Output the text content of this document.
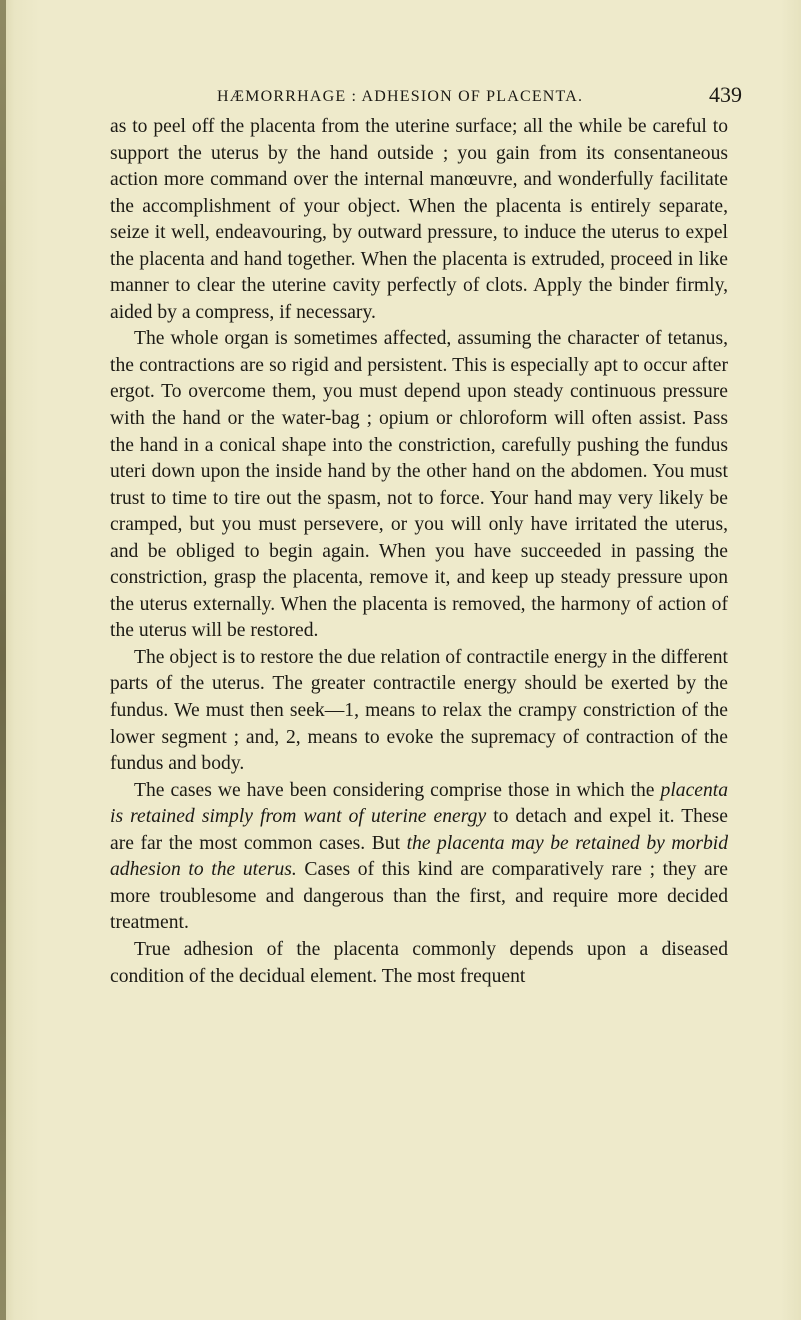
HÆMORRHAGE : ADHESION OF PLACENTA.	439

as to peel off the placenta from the uterine surface; all the while be careful to support the uterus by the hand outside ; you gain from its consentaneous action more command over the internal manœuvre, and wonderfully facilitate the accomplishment of your object. When the placenta is entirely separate, seize it well, endeavouring, by outward pressure, to induce the uterus to expel the placenta and hand together. When the placenta is extruded, proceed in like manner to clear the uterine cavity perfectly of clots. Apply the binder firmly, aided by a compress, if necessary.

The whole organ is sometimes affected, assuming the character of tetanus, the contractions are so rigid and persistent. This is especially apt to occur after ergot. To overcome them, you must depend upon steady continuous pressure with the hand or the water-bag ; opium or chloroform will often assist. Pass the hand in a conical shape into the constriction, carefully pushing the fundus uteri down upon the inside hand by the other hand on the abdomen. You must trust to time to tire out the spasm, not to force. Your hand may very likely be cramped, but you must persevere, or you will only have irritated the uterus, and be obliged to begin again. When you have succeeded in passing the constriction, grasp the placenta, remove it, and keep up steady pressure upon the uterus externally. When the placenta is removed, the harmony of action of the uterus will be restored.

The object is to restore the due relation of contractile energy in the different parts of the uterus. The greater contractile energy should be exerted by the fundus. We must then seek—1, means to relax the crampy constriction of the lower segment ; and, 2, means to evoke the supremacy of contraction of the fundus and body.

The cases we have been considering comprise those in which the placenta is retained simply from want of uterine energy to detach and expel it. These are far the most common cases. But the placenta may be retained by morbid adhesion to the uterus. Cases of this kind are comparatively rare ; they are more troublesome and dangerous than the first, and require more decided treatment.

True adhesion of the placenta commonly depends upon a diseased condition of the decidual element. The most frequent
